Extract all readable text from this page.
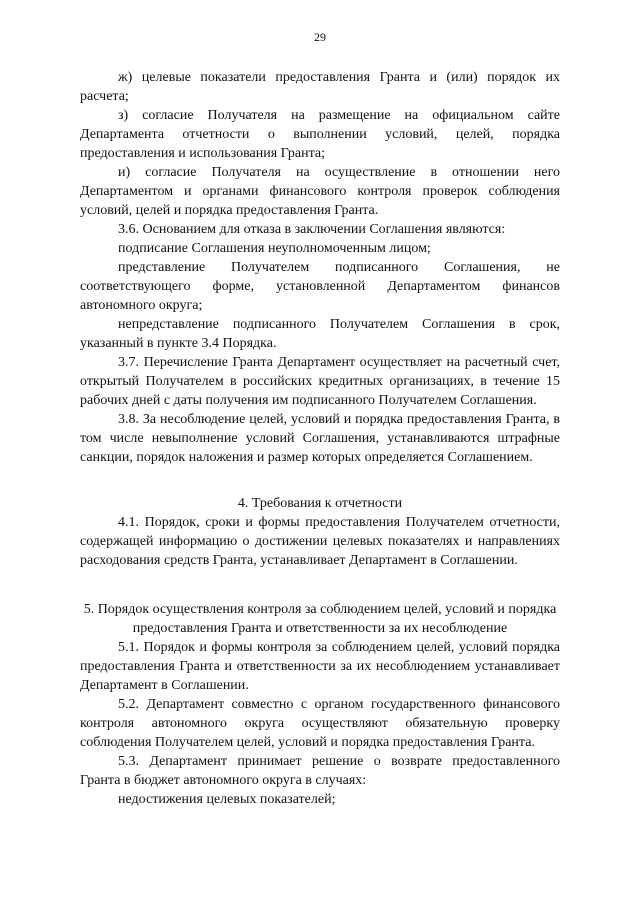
29

ж) целевые показатели предоставления Гранта и (или) порядок их расчета;

з) согласие Получателя на размещение на официальном сайте Департамента отчетности о выполнении условий, целей, порядка предоставления и использования Гранта;

и) согласие Получателя на осуществление в отношении него Департаментом и органами финансового контроля проверок соблюдения условий, целей и порядка предоставления Гранта.

3.6. Основанием для отказа в заключении Соглашения являются:

подписание Соглашения неуполномоченным лицом;

представление Получателем подписанного Соглашения, не соответствующего форме, установленной Департаментом финансов автономного округа;

непредставление подписанного Получателем Соглашения в срок, указанный в пункте 3.4 Порядка.

3.7. Перечисление Гранта Департамент осуществляет на расчетный счет, открытый Получателем в российских кредитных организациях, в течение 15 рабочих дней с даты получения им подписанного Получателем Соглашения.

3.8. За несоблюдение целей, условий и порядка предоставления Гранта, в том числе невыполнение условий Соглашения, устанавливаются штрафные санкции, порядок наложения и размер которых определяется Соглашением.

4. Требования к отчетности

4.1. Порядок, сроки и формы предоставления Получателем отчетности, содержащей информацию о достижении целевых показателях и направлениях расходования средств Гранта, устанавливает Департамент в Соглашении.

5. Порядок осуществления контроля за соблюдением целей, условий и порядка предоставления Гранта и ответственности за их несоблюдение

5.1. Порядок и формы контроля за соблюдением целей, условий порядка предоставления Гранта и ответственности за их несоблюдением устанавливает Департамент в Соглашении.

5.2. Департамент совместно с органом государственного финансового контроля автономного округа осуществляют обязательную проверку соблюдения Получателем целей, условий и порядка предоставления Гранта.

5.3. Департамент принимает решение о возврате предоставленного Гранта в бюджет автономного округа в случаях:

недостижения целевых показателей;
